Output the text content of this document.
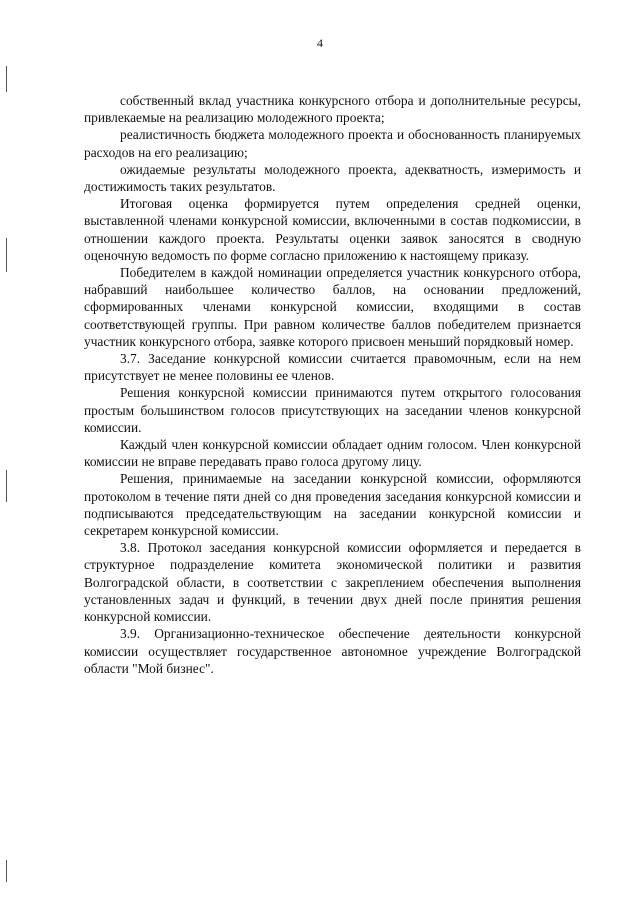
4

собственный вклад участника конкурсного отбора и дополнительные ресурсы, привлекаемые на реализацию молодежного проекта;

реалистичность бюджета молодежного проекта и обоснованность планируемых расходов на его реализацию;

ожидаемые результаты молодежного проекта, адекватность, измеримость и достижимость таких результатов.

Итоговая оценка формируется путем определения средней оценки, выставленной членами конкурсной комиссии, включенными в состав подкомиссии, в отношении каждого проекта. Результаты оценки заявок заносятся в сводную оценочную ведомость по форме согласно приложению к настоящему приказу.

Победителем в каждой номинации определяется участник конкурсного отбора, набравший наибольшее количество баллов, на основании предложений, сформированных членами конкурсной комиссии, входящими в состав соответствующей группы. При равном количестве баллов победителем признается участник конкурсного отбора, заявке которого присвоен меньший порядковый номер.

3.7. Заседание конкурсной комиссии считается правомочным, если на нем присутствует не менее половины ее членов.

Решения конкурсной комиссии принимаются путем открытого голосования простым большинством голосов присутствующих на заседании членов конкурсной комиссии.

Каждый член конкурсной комиссии обладает одним голосом. Член конкурсной комиссии не вправе передавать право голоса другому лицу.

Решения, принимаемые на заседании конкурсной комиссии, оформляются протоколом в течение пяти дней со дня проведения заседания конкурсной комиссии и подписываются председательствующим на заседании конкурсной комиссии и секретарем конкурсной комиссии.

3.8. Протокол заседания конкурсной комиссии оформляется и передается в структурное подразделение комитета экономической политики и развития Волгоградской области, в соответствии с закреплением обеспечения выполнения установленных задач и функций, в течении двух дней после принятия решения конкурсной комиссии.

3.9. Организационно-техническое обеспечение деятельности конкурсной комиссии осуществляет государственное автономное учреждение Волгоградской области "Мой бизнес".
